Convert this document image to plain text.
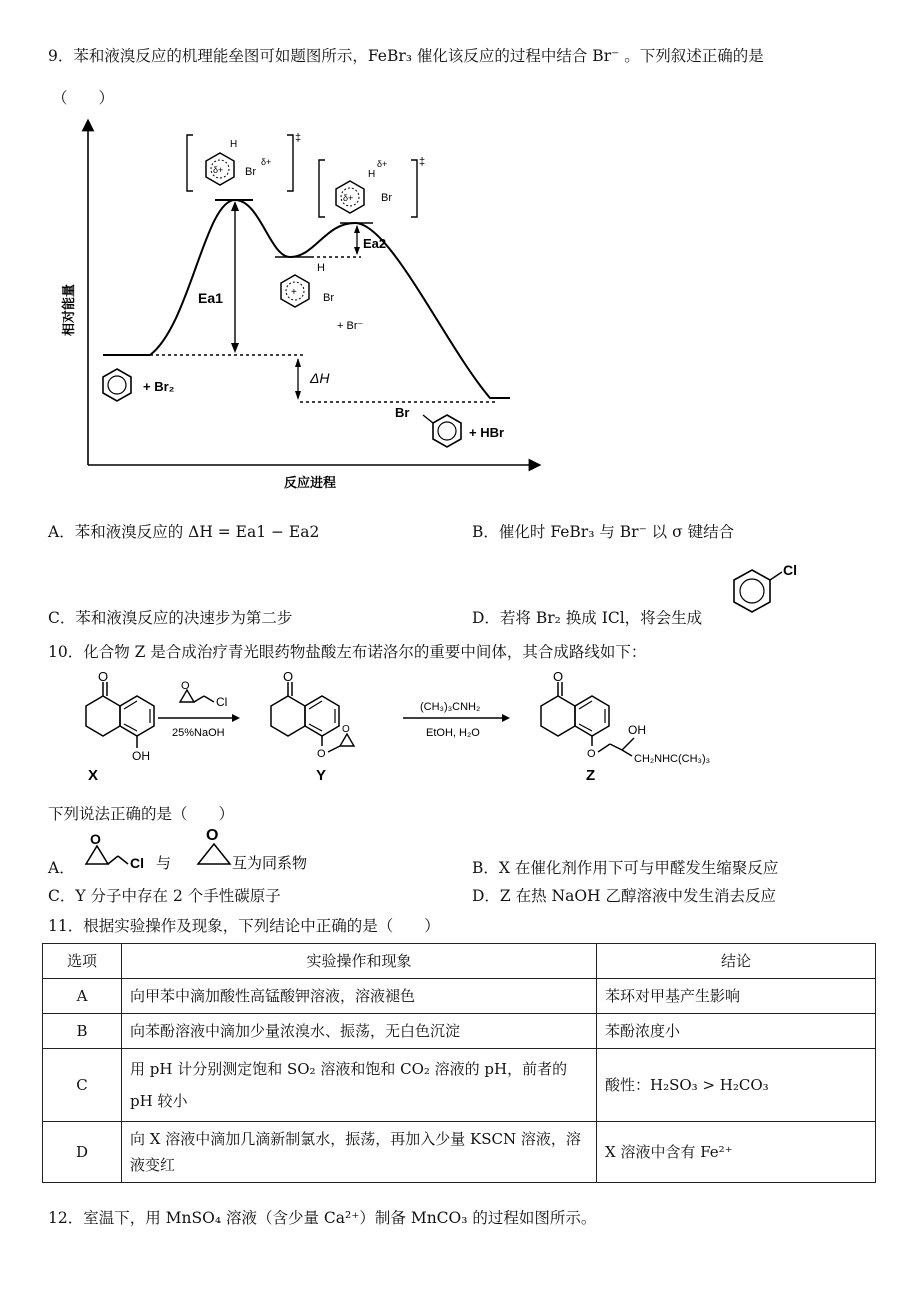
9．苯和液溴反应的机理能垒图可如题图所示，FeBr₃ 催化该反应的过程中结合 Br⁻ 。下列叙述正确的是
（　　）
相对能量
反应进程
Ea1
Ea2
ΔH
‡
δ+
H
Br
δ+	‡
δ+
H
δ+
Br
+
H
Br
+ Br⁻
+ Br₂
Br
+ HBr
A．苯和液溴反应的 ΔH = Ea1 − Ea2	B．催化时 FeBr₃ 与 Br⁻ 以 σ 键结合
C．苯和液溴反应的决速步为第二步	D．若将 Br₂ 换成 ICl，将会生成
Cl
10．化合物 Z 是合成治疗青光眼药物盐酸左布诺洛尔的重要中间体，其合成路线如下：
O
OH
X
O
Cl
25%NaOH
O
O
O
Y
(CH₃)₃CNH₂
EtOH, H₂O
O
O
OH
CH₂NHC(CH₃)₃
Z
下列说法正确的是（　　）
A．
O
Cl 与
O
互为同系物	B．X 在催化剂作用下可与甲醛发生缩聚反应
C．Y 分子中存在 2 个手性碳原子	D．Z 在热 NaOH 乙醇溶液中发生消去反应
11．根据实验操作及现象，下列结论中正确的是（　　）
选项	实验操作和现象	结论
A	向甲苯中滴加酸性高锰酸钾溶液，溶液褪色	苯环对甲基产生影响
B	向苯酚溶液中滴加少量浓溴水、振荡，无白色沉淀	苯酚浓度小
C	用 pH 计分别测定饱和 SO₂ 溶液和饱和 CO₂ 溶液的 pH，前者的 pH 较小	酸性：H₂SO₃ > H₂CO₃
D	向 X 溶液中滴加几滴新制氯水，振荡，再加入少量 KSCN 溶液，溶液变红	X 溶液中含有 Fe²⁺
12．室温下，用 MnSO₄ 溶液（含少量 Ca²⁺）制备 MnCO₃ 的过程如图所示。
